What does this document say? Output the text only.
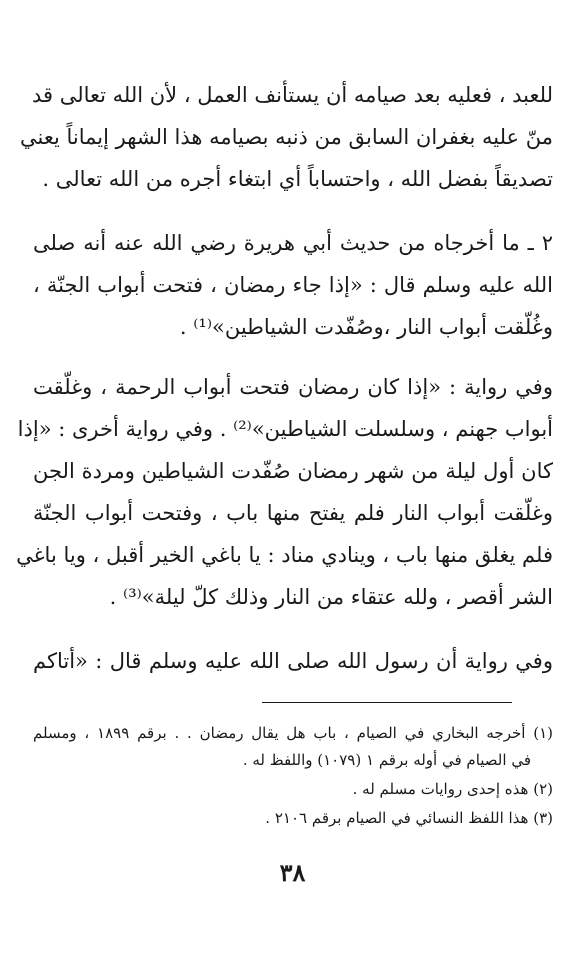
للعبد ، فعليه بعد صيامه أن يستأنف العمل ، لأن الله تعالى قد
منّ عليه بغفران السابق من ذنبه بصيامه هذا الشهر إيماناً يعني
تصديقاً بفضل الله ، واحتساباً أي ابتغاء أجره من الله تعالى .
٢ ـ ما أخرجاه من حديث أبي هريرة رضي الله عنه أنه صلى
الله عليه وسلم قال : «إذا جاء رمضان ، فتحت أبواب الجنّة ،
وغُلّقت أبواب النار ،وصُفّدت الشياطين»⁽¹⁾ .
وفي رواية : «إذا كان رمضان فتحت أبواب الرحمة ، وغلّقت
أبواب جهنم ، وسلسلت الشياطين»⁽²⁾ . وفي رواية أخرى : «إذا
كان أول ليلة من شهر رمضان صُفّدت الشياطين ومردة الجن
وغلّقت أبواب النار فلم يفتح منها باب ، وفتحت أبواب الجنّة
فلم يغلق منها باب ، وينادي مناد : يا باغي الخير أقبل ، ويا باغي
الشر أقصر ، ولله عتقاء من النار وذلك كلّ ليلة»⁽³⁾ .
وفي رواية أن رسول الله صلى الله عليه وسلم قال : «أتاكم
(١) أخرجه البخاري في الصيام ، باب هل يقال رمضان . . برقم ١٨٩٩ ، ومسلم
في الصيام في أوله برقم ١ (١٠٧٩) واللفظ له .
(٢) هذه إحدى روايات مسلم له .
(٣) هذا اللفظ النسائي في الصيام برقم ٢١٠٦ .
٣٨
